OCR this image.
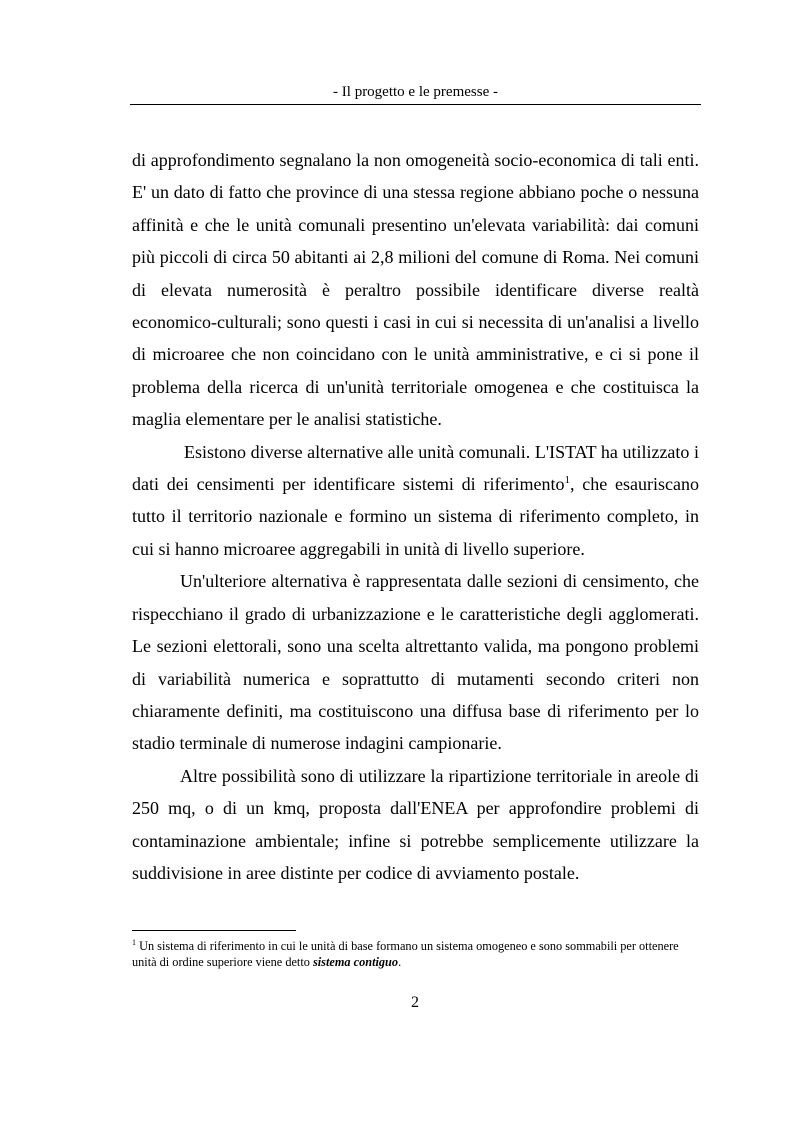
- Il progetto e le premesse -

di approfondimento segnalano la non omogeneità socio-economica di tali enti. E' un dato di fatto che province di una stessa regione abbiano poche o nessuna affinità e che le unità comunali presentino un'elevata variabilità: dai comuni più piccoli di circa 50 abitanti ai 2,8 milioni del comune di Roma. Nei comuni di elevata numerosità è peraltro possibile identificare diverse realtà economico-culturali; sono questi i casi in cui si necessita di un'analisi a livello di microaree che non coincidano con le unità amministrative, e ci si pone il problema della ricerca di un'unità territoriale omogenea e che costituisca la maglia elementare per le analisi statistiche.

Esistono diverse alternative alle unità comunali. L'ISTAT ha utilizzato i dati dei censimenti per identificare sistemi di riferimento$^1$, che esauriscano tutto il territorio nazionale e formino un sistema di riferimento completo, in cui si hanno microaree aggregabili in unità di livello superiore.

Un'ulteriore alternativa è rappresentata dalle sezioni di censimento, che rispecchiano il grado di urbanizzazione e le caratteristiche degli agglomerati. Le sezioni elettorali, sono una scelta altrettanto valida, ma pongono problemi di variabilità numerica e soprattutto di mutamenti secondo criteri non chiaramente definiti, ma costituiscono una diffusa base di riferimento per lo stadio terminale di numerose indagini campionarie.

Altre possibilità sono di utilizzare la ripartizione territoriale in areole di 250 mq, o di un kmq, proposta dall'ENEA per approfondire problemi di contaminazione ambientale; infine si potrebbe semplicemente utilizzare la suddivisione in aree distinte per codice di avviamento postale.

$^1$ Un sistema di riferimento in cui le unità di base formano un sistema omogeneo e sono sommabili per ottenere unità di ordine superiore viene detto sistema contiguo.
2
